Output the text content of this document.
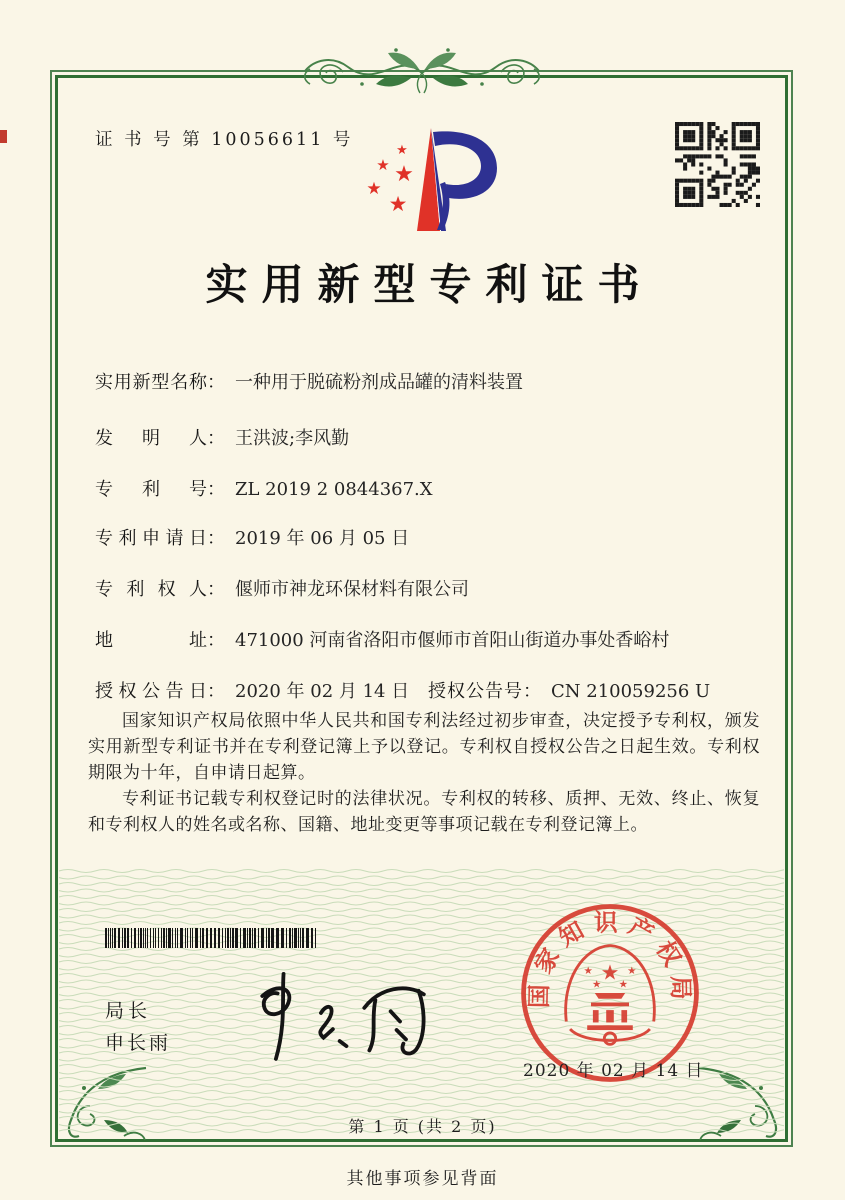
证 书 号 第 10056611 号
★
★ ★
★
★
实用新型专利证书
实用新型名称： 一种用于脱硫粉剂成品罐的清料装置
发明人： 王洪波;李风勤
专利号： ZL 2019 2 0844367.X
专利申请日： 2019 年 06 月 05 日
专利权人： 偃师市神龙环保材料有限公司
地址： 471000 河南省洛阳市偃师市首阳山街道办事处香峪村
授权公告日： 2020 年 02 月 14 日 授权公告号： CN 210059256 U

国家知识产权局依照中华人民共和国专利法经过初步审查，决定授予专利权，颁发实用新型专利证书并在专利登记簿上予以登记。专利权自授权公告之日起生效。专利权期限为十年，自申请日起算。

专利证书记载专利权登记时的法律状况。专利权的转移、质押、无效、终止、恢复和专利权人的姓名或名称、国籍、地址变更等事项记载在专利登记簿上。

局长
申长雨
国家知识产权局
★
★	★
★ ★
2020 年 02 月 14 日
第 1 页 (共 2 页)
其他事项参见背面
